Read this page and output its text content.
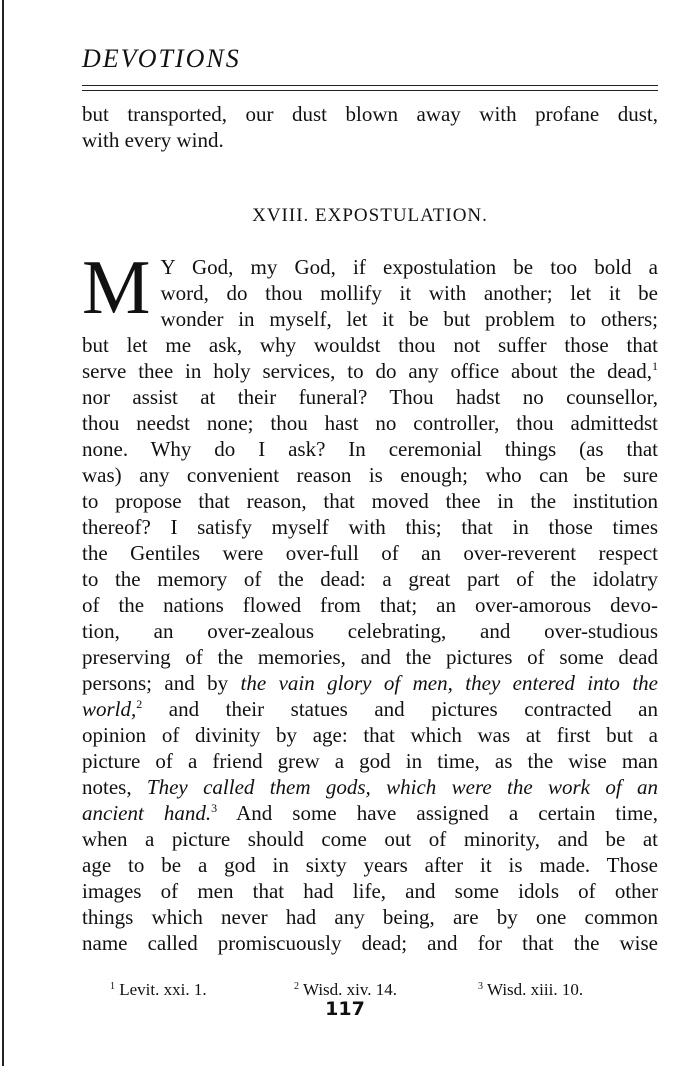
DEVOTIONS
but transported, our dust blown away with profane dust,
with every wind.
XVIII. EXPOSTULATION.
M Y God, my God, if expostulation be too bold a
word, do thou mollify it with another; let it be
wonder in myself, let it be but problem to others;
but let me ask, why wouldst thou not suffer those that
serve thee in holy services, to do any office about the dead,$^1$
nor assist at their funeral? Thou hadst no counsellor,
thou needst none; thou hast no controller, thou admittedst
none. Why do I ask? In ceremonial things (as that
was) any convenient reason is enough; who can be sure
to propose that reason, that moved thee in the institution
thereof? I satisfy myself with this; that in those times
the Gentiles were over-full of an over-reverent respect
to the memory of the dead: a great part of the idolatry
of the nations flowed from that; an over-amorous devo-
tion, an over-zealous celebrating, and over-studious
preserving of the memories, and the pictures of some dead
persons; and by the vain glory of men, they entered into the
world,$^2$ and their statues and pictures contracted an
opinion of divinity by age: that which was at first but a
picture of a friend grew a god in time, as the wise man
notes, They called them gods, which were the work of an
ancient hand.$^3$ And some have assigned a certain time,
when a picture should come out of minority, and be at
age to be a god in sixty years after it is made. Those
images of men that had life, and some idols of other
things which never had any being, are by one common
name called promiscuously dead; and for that the wise
$^1$ Levit. xxi. 1.	$^2$ Wisd. xiv. 14.	$^3$ Wisd. xiii. 10.
117
